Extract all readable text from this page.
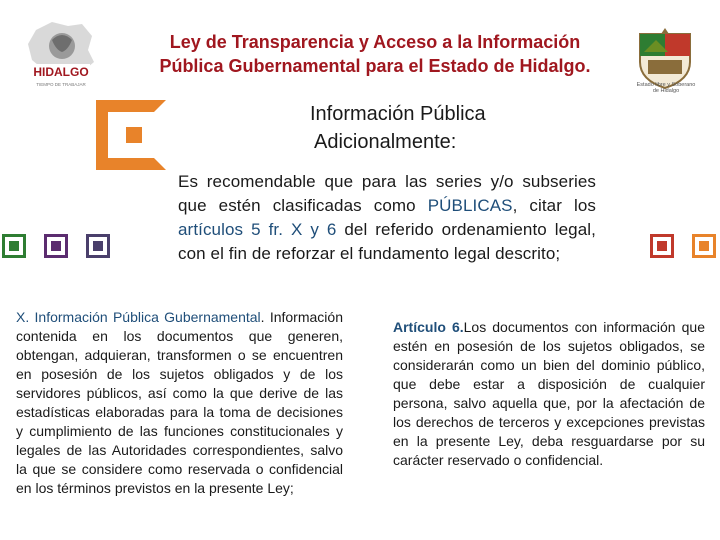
HIDALGO
TIEMPO DE TRABAJAR
Ley de Transparencia y Acceso a la Información
Pública Gubernamental para el Estado de Hidalgo.
Estado libre y Soberano de Hidalgo
Información Pública
Adicionalmente:
Es recomendable que para las series y/o subseries que estén clasificadas como PÚBLICAS, citar los artículos 5 fr. X y 6 del referido ordenamiento legal, con el fin de reforzar el fundamento legal descrito;
X. Información Pública Gubernamental. Información contenida en los documentos que generen, obtengan, adquieran, transformen o se encuentren en posesión de los sujetos obligados y de los servidores públicos, así como la que derive de las estadísticas elaboradas para la toma de decisiones y cumplimiento de las funciones constitucionales y legales de las Autoridades correspondientes, salvo la que se considere como reservada o confidencial en los términos previstos en la presente Ley;
Artículo 6.Los documentos con información que estén en posesión de los sujetos obligados, se considerarán como un bien del dominio público, que debe estar a disposición de cualquier persona, salvo aquella que, por la afectación de los derechos de terceros y excepciones previstas en la presente Ley, deba resguardarse por su carácter reservado o confidencial.
